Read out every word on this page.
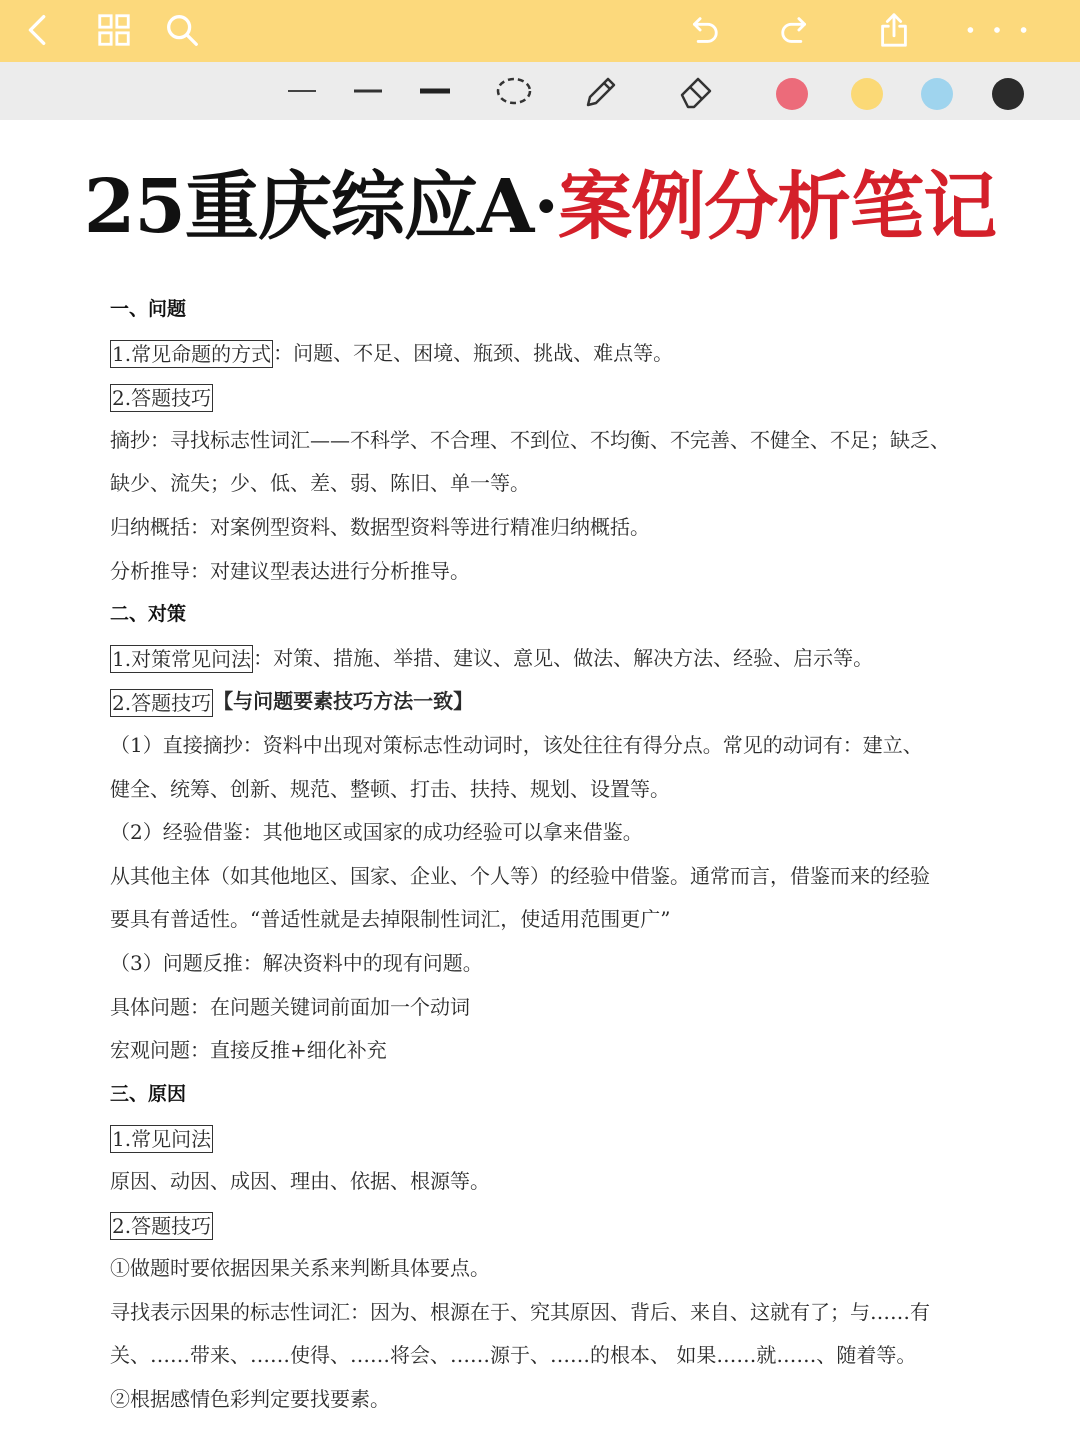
25重庆综应A·案例分析笔记
一、问题
1.常见命题的方式 ：问题、不足、困境、瓶颈、挑战、难点等。
2.答题技巧
摘抄：寻找标志性词汇——不科学、不合理、不到位、不均衡、不完善、不健全、不足；缺乏、
缺少、流失；少、低、差、弱、陈旧、单一等。
归纳概括：对案例型资料、数据型资料等进行精准归纳概括。
分析推导：对建议型表达进行分析推导。
二、对策
1.对策常见问法 ：对策、措施、举措、建议、意见、做法、解决方法、经验、启示等。
2.答题技巧 【与问题要素技巧方法一致】
（1）直接摘抄：资料中出现对策标志性动词时，该处往往有得分点。常见的动词有：建立、
健全、统筹、创新、规范、整顿、打击、扶持、规划、设置等。
（2）经验借鉴：其他地区或国家的成功经验可以拿来借鉴。
从其他主体（如其他地区、国家、企业、个人等）的经验中借鉴。通常而言，借鉴而来的经验
要具有普适性。“普适性就是去掉限制性词汇，使适用范围更广”
（3）问题反推：解决资料中的现有问题。
具体问题：在问题关键词前面加一个动词
宏观问题：直接反推+细化补充
三、原因
1.常见问法
原因、动因、成因、理由、依据、根源等。
2.答题技巧
①做题时要依据因果关系来判断具体要点。
寻找表示因果的标志性词汇：因为、根源在于、究其原因、背后、来自、这就有了；与……有
关、……带来、……使得、……将会、……源于、……的根本、 如果……就……、随着等。
②根据感情色彩判定要找要素。
